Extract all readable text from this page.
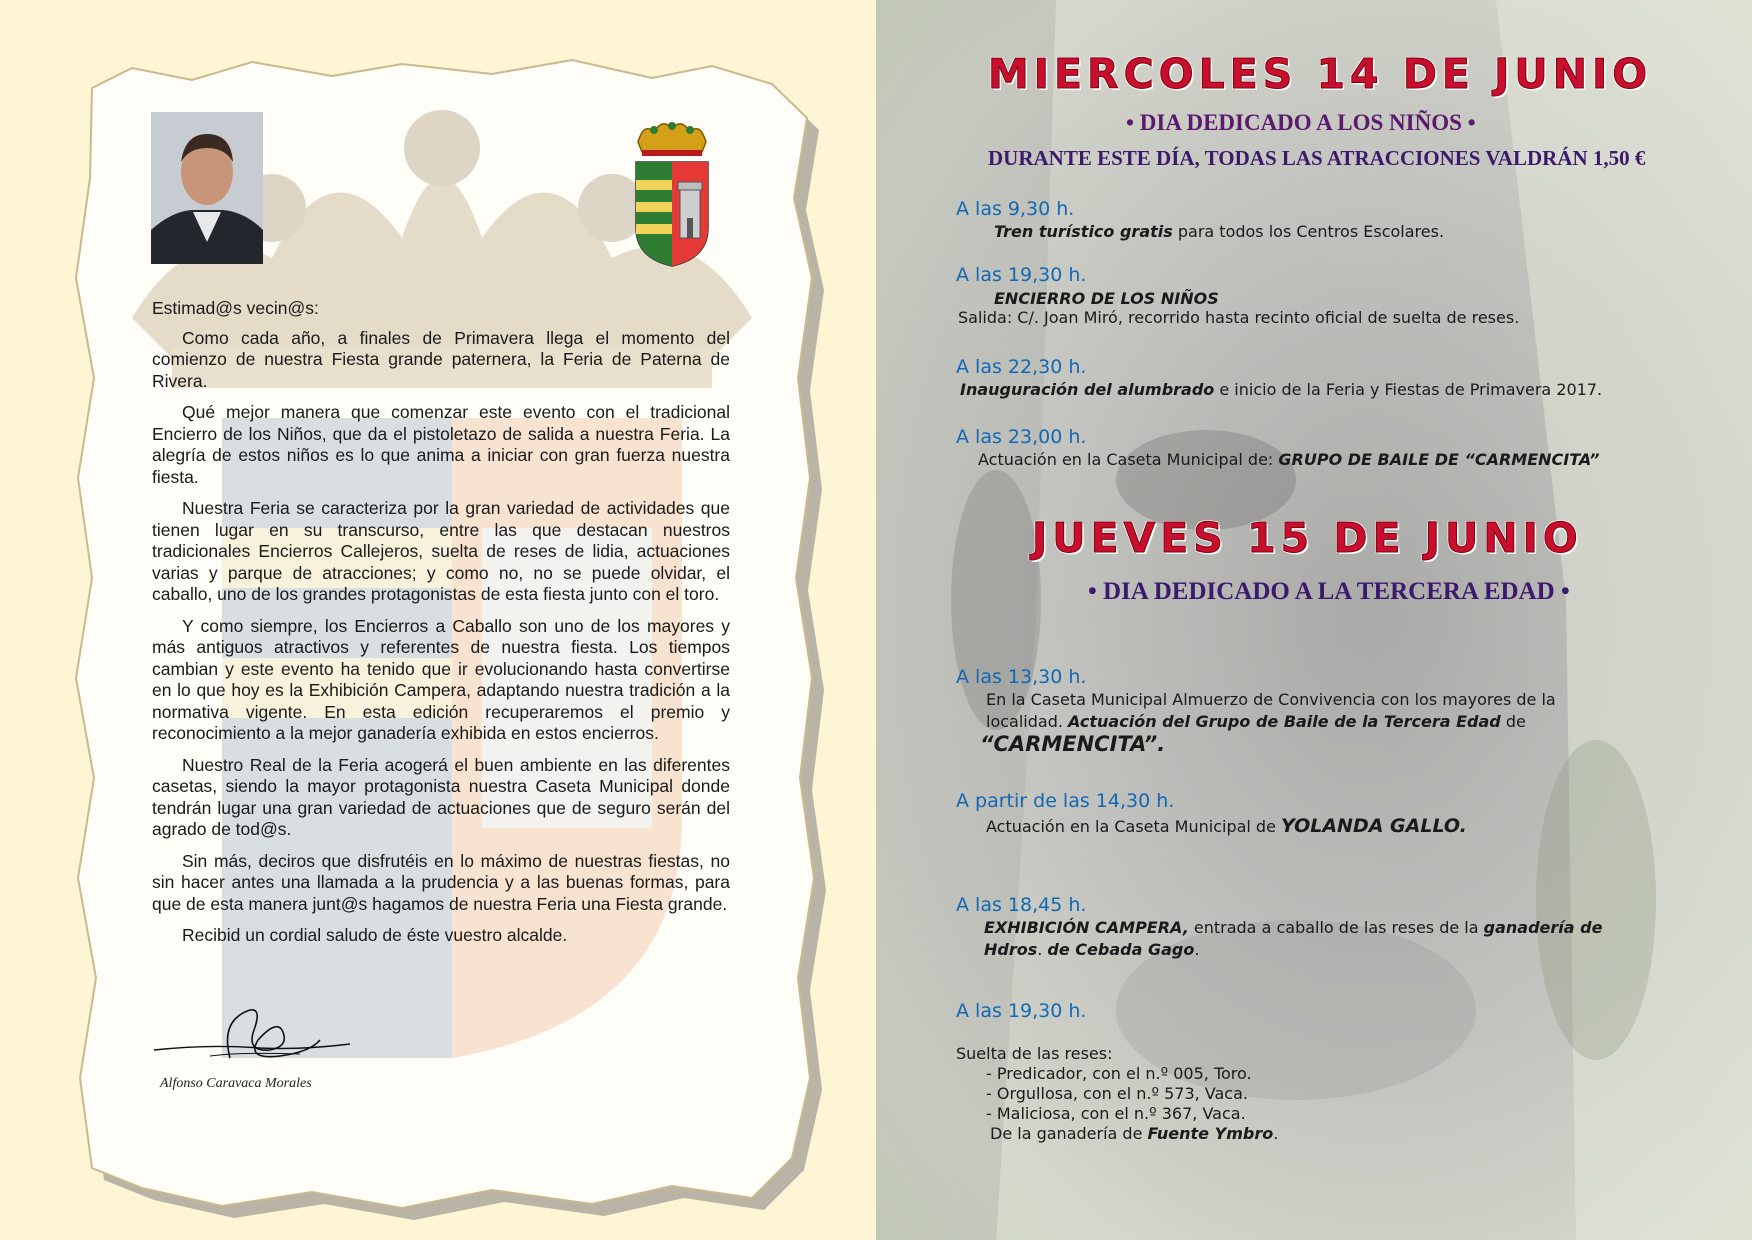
Estimad@s vecin@s:

Como cada año, a finales de Primavera llega el momento del comienzo de nuestra Fiesta grande paternera, la Feria de Paterna de Rivera.

Qué mejor manera que comenzar este evento con el tradicional Encierro de los Niños, que da el pistoletazo de salida a nuestra Feria. La alegría de estos niños es lo que anima a iniciar con gran fuerza nuestra fiesta.

Nuestra Feria se caracteriza por la gran variedad de actividades que tienen lugar en su transcurso, entre las que destacan nuestros tradicionales Encierros Callejeros, suelta de reses de lidia, actuaciones varias y parque de atracciones; y como no, no se puede olvidar, el caballo, uno de los grandes protagonistas de esta fiesta junto con el toro.

Y como siempre, los Encierros a Caballo son uno de los mayores y más antiguos atractivos y referentes de nuestra fiesta. Los tiempos cambian y este evento ha tenido que ir evolucionando hasta convertirse en lo que hoy es la Exhibición Campera, adaptando nuestra tradición a la normativa vigente. En esta edición recuperaremos el premio y reconocimiento a la mejor ganadería exhibida en estos encierros.

Nuestro Real de la Feria acogerá el buen ambiente en las diferentes casetas, siendo la mayor protagonista nuestra Caseta Municipal donde tendrán lugar una gran variedad de actuaciones que de seguro serán del agrado de tod@s.

Sin más, deciros que disfrutéis en lo máximo de nuestras fiestas, no sin hacer antes una llamada a la prudencia y a las buenas formas, para que de esta manera junt@s hagamos de nuestra Feria una Fiesta grande.

Recibid un cordial saludo de éste vuestro alcalde.

Alfonso Caravaca Morales
MIERCOLES 14 DE JUNIO
• DIA DEDICADO A LOS NIÑOS •
DURANTE ESTE DÍA, TODAS LAS ATRACCIONES VALDRÁN 1,50 €
A las 9,30 h.
Tren turístico gratis para todos los Centros Escolares.
A las 19,30 h.
ENCIERRO DE LOS NIÑOS
Salida: C/. Joan Miró, recorrido hasta recinto oficial de suelta de reses.
A las 22,30 h.
Inauguración del alumbrado e inicio de la Feria y Fiestas de Primavera 2017.
A las 23,00 h.
Actuación en la Caseta Municipal de: GRUPO DE BAILE DE “CARMENCITA”
JUEVES 15 DE JUNIO
• DIA DEDICADO A LA TERCERA EDAD •
A las 13,30 h.
En la Caseta Municipal Almuerzo de Convivencia con los mayores de la
localidad. Actuación del Grupo de Baile de la Tercera Edad de
“CARMENCITA”.
A partir de las 14,30 h.
Actuación en la Caseta Municipal de YOLANDA GALLO.
A las 18,45 h.
EXHIBICIÓN CAMPERA, entrada a caballo de las reses de la ganadería de
Hdros. de Cebada Gago.
A las 19,30 h.
Suelta de las reses:
- Predicador, con el n.º 005, Toro.
- Orgullosa, con el n.º 573, Vaca.
- Maliciosa, con el n.º 367, Vaca.
De la ganadería de Fuente Ymbro.
